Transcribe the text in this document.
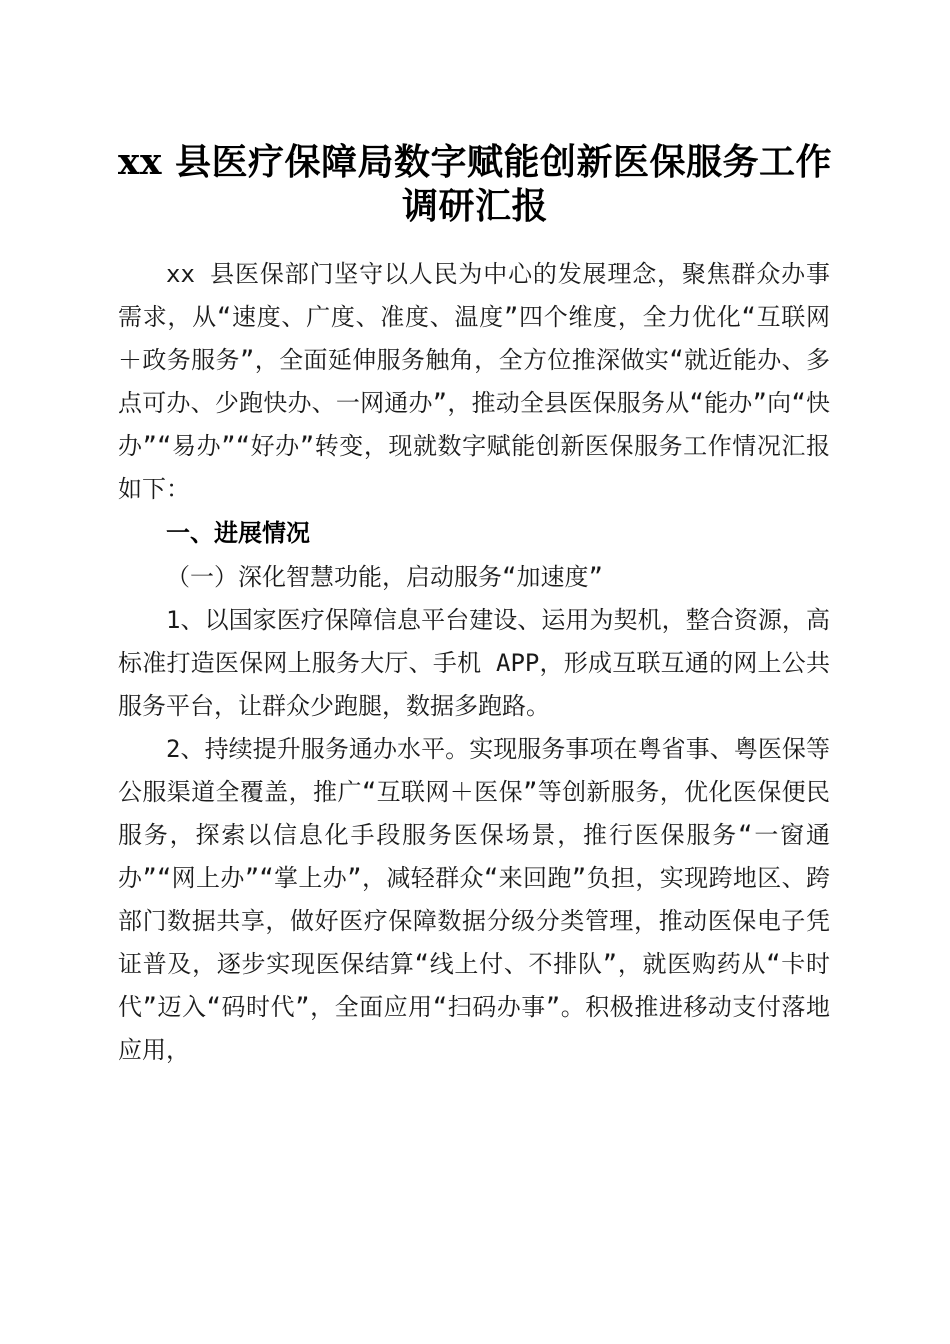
xx 县医疗保障局数字赋能创新医保服务工作
调研汇报

xx 县医保部门坚守以人民为中心的发展理念，聚焦群众办事需求，从“速度、广度、准度、温度”四个维度，全力优化“互联网＋政务服务”，全面延伸服务触角，全方位推深做实“就近能办、多点可办、少跑快办、一网通办”，推动全县医保服务从“能办”向“快办”“易办”“好办”转变，现就数字赋能创新医保服务工作情况汇报如下：

一、进展情况

（一）深化智慧功能，启动服务“加速度”

1、以国家医疗保障信息平台建设、运用为契机，整合资源，高标准打造医保网上服务大厅、手机 APP，形成互联互通的网上公共服务平台，让群众少跑腿，数据多跑路。

2、持续提升服务通办水平。实现服务事项在粤省事、粤医保等公服渠道全覆盖，推广“互联网＋医保”等创新服务，优化医保便民服务，探索以信息化手段服务医保场景，推行医保服务“一窗通办”“网上办”“掌上办”，减轻群众“来回跑”负担，实现跨地区、跨部门数据共享，做好医疗保障数据分级分类管理，推动医保电子凭证普及，逐步实现医保结算“线上付、不排队”，就医购药从“卡时代”迈入“码时代”，全面应用“扫码办事”。积极推进移动支付落地应用，
